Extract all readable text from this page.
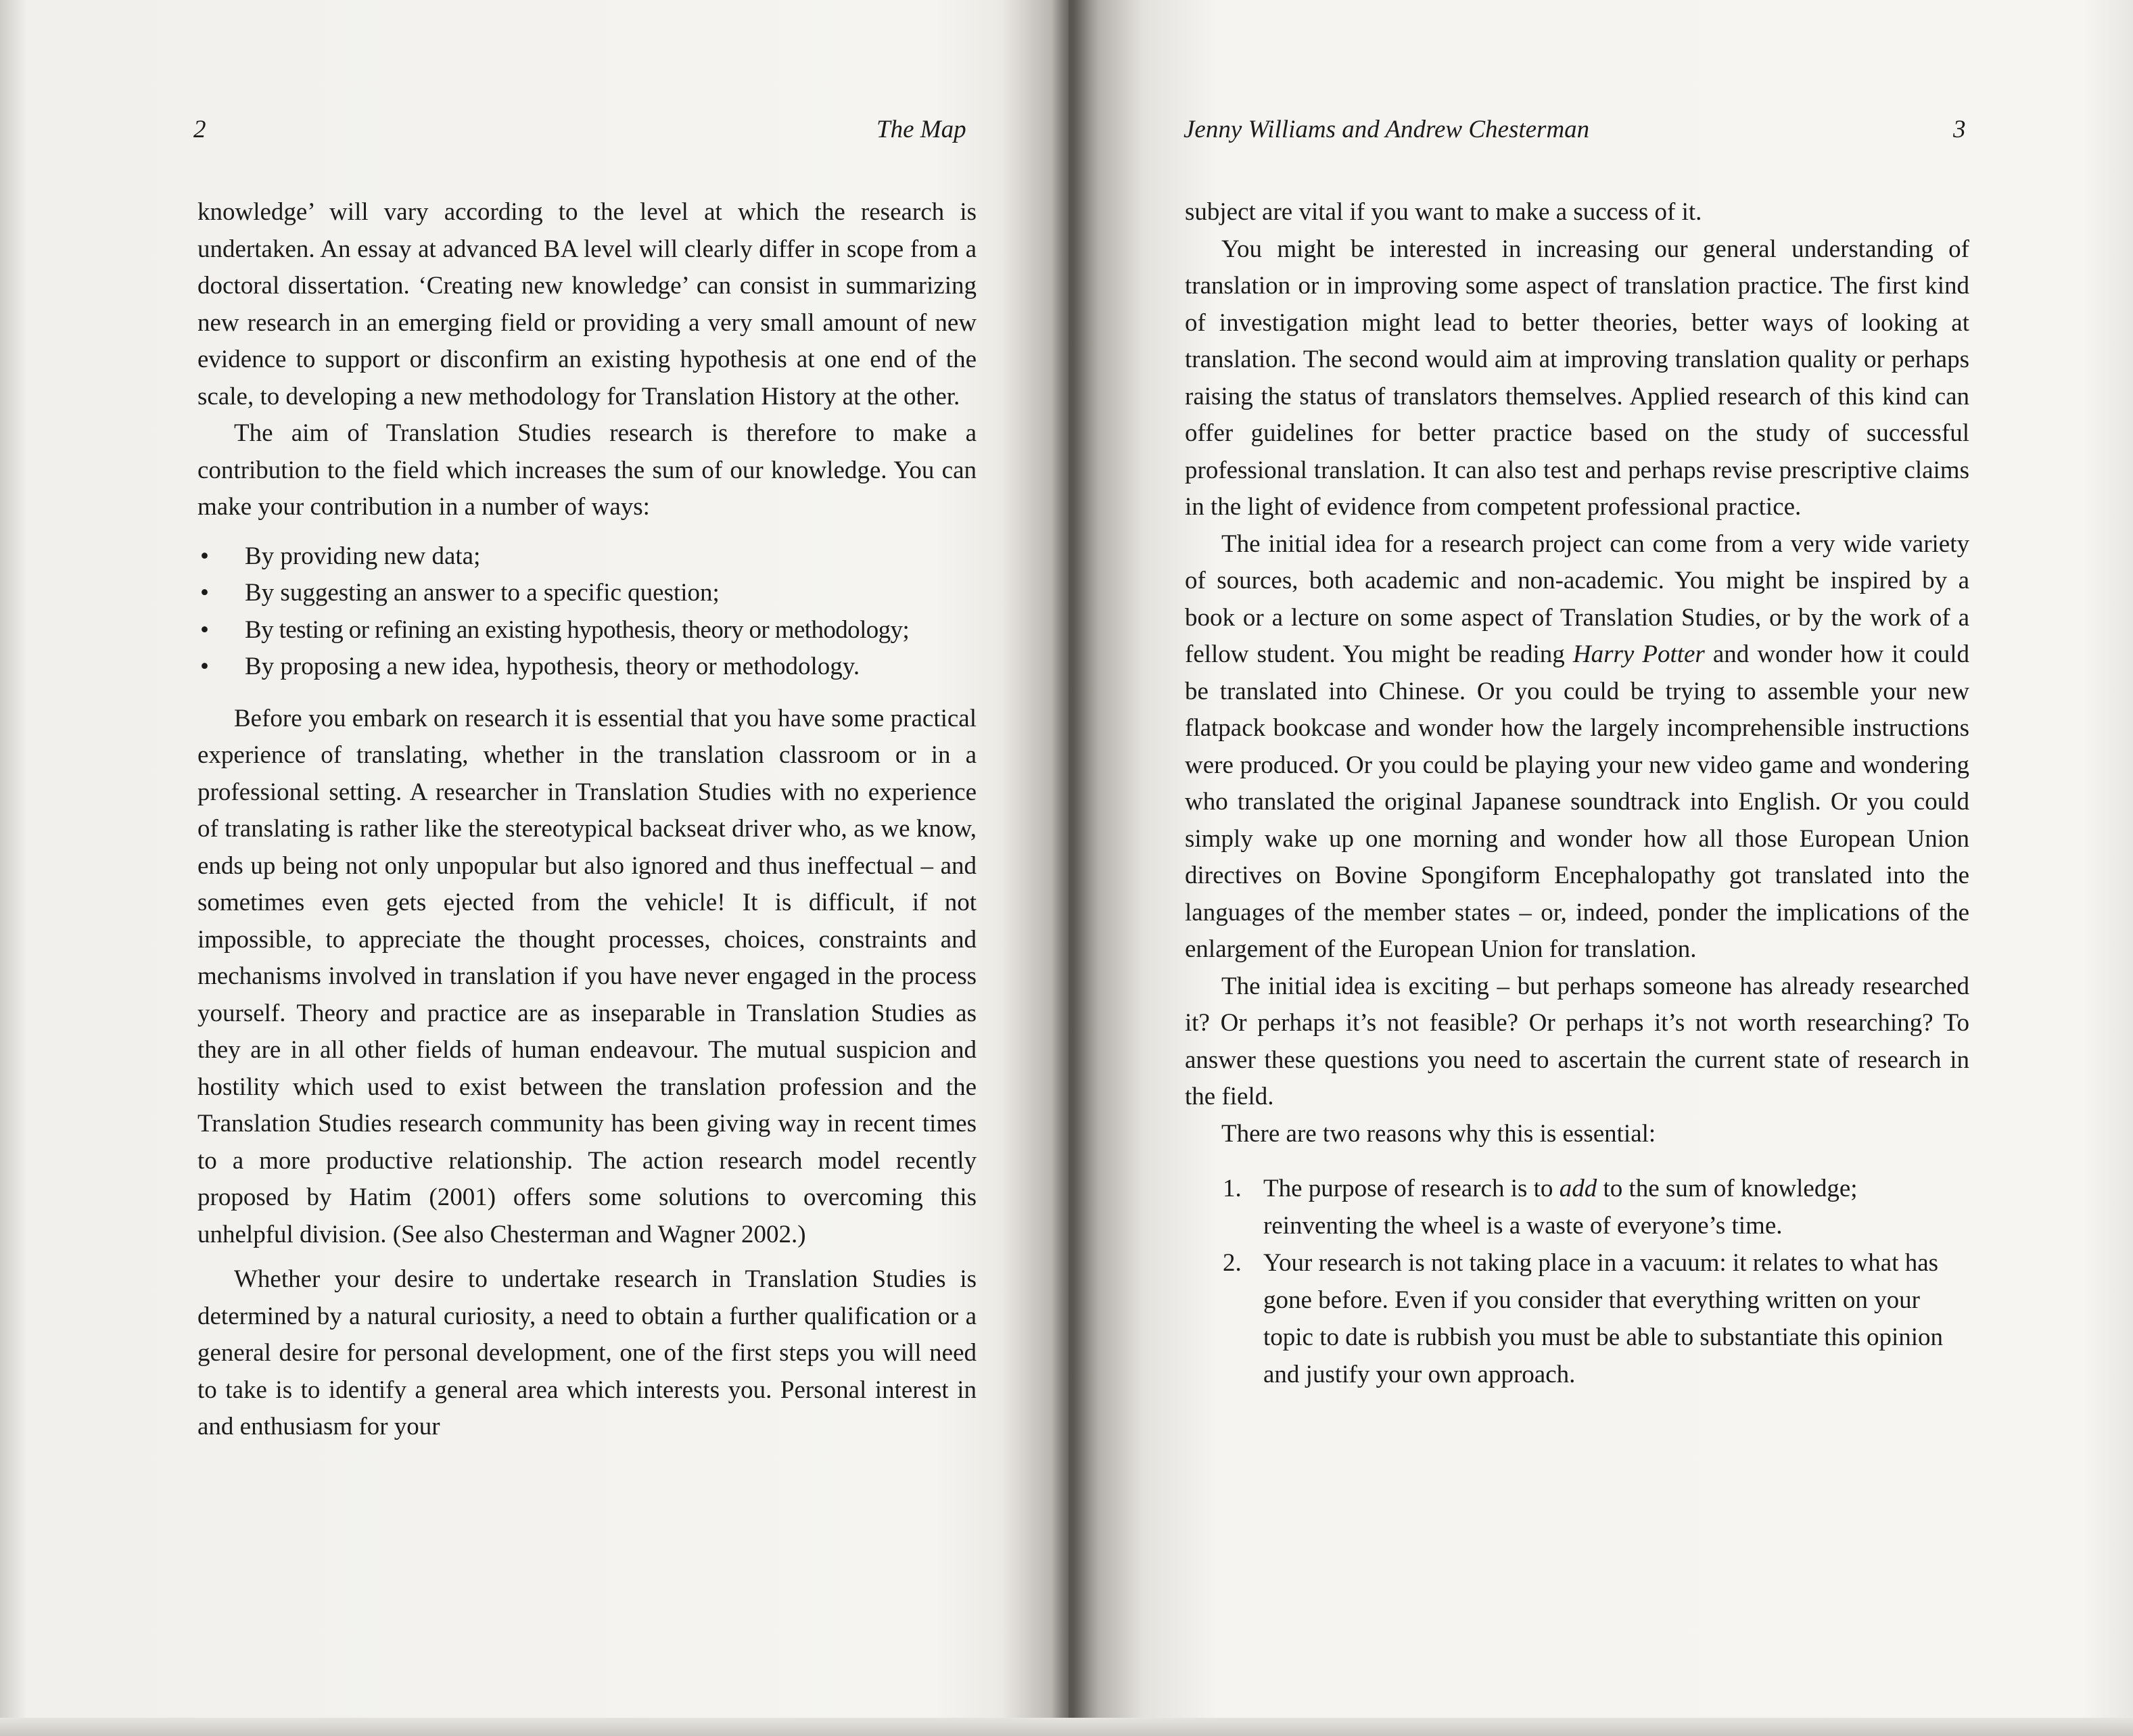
2	The Map

knowledge’ will vary according to the level at which the research is undertaken. An essay at advanced BA level will clearly differ in scope from a doctoral dissertation. ‘Creating new knowledge’ can consist in summarizing new research in an emerging field or providing a very small amount of new evidence to support or disconfirm an existing hypothesis at one end of the scale, to developing a new methodology for Translation History at the other.

The aim of Translation Studies research is therefore to make a contribution to the field which increases the sum of our knowledge. You can make your contribution in a number of ways:

• By providing new data;
• By suggesting an answer to a specific question;
• By testing or refining an existing hypothesis, theory or methodology;
• By proposing a new idea, hypothesis, theory or methodology.

Before you embark on research it is essential that you have some practical experience of translating, whether in the translation classroom or in a professional setting. A researcher in Translation Studies with no experience of translating is rather like the stereotypical backseat driver who, as we know, ends up being not only unpopular but also ignored and thus ineffectual – and sometimes even gets ejected from the vehicle! It is difficult, if not impossible, to appreciate the thought processes, choices, constraints and mechanisms involved in translation if you have never engaged in the process yourself. Theory and practice are as inseparable in Translation Studies as they are in all other fields of human endeavour. The mutual suspicion and hostility which used to exist between the translation profession and the Translation Studies research community has been giving way in recent times to a more productive relationship. The action research model recently proposed by Hatim (2001) offers some solutions to overcoming this unhelpful division. (See also Chesterman and Wagner 2002.)

Whether your desire to undertake research in Translation Studies is determined by a natural curiosity, a need to obtain a further qualification or a general desire for personal development, one of the first steps you will need to take is to identify a general area which interests you. Personal interest in and enthusiasm for your

Jenny Williams and Andrew Chesterman	3

subject are vital if you want to make a success of it.

You might be interested in increasing our general understanding of translation or in improving some aspect of translation practice. The first kind of investigation might lead to better theories, better ways of looking at translation. The second would aim at improving translation quality or perhaps raising the status of translators themselves. Applied research of this kind can offer guidelines for better practice based on the study of successful professional translation. It can also test and perhaps revise prescriptive claims in the light of evidence from competent professional practice.

The initial idea for a research project can come from a very wide variety of sources, both academic and non-academic. You might be inspired by a book or a lecture on some aspect of Translation Studies, or by the work of a fellow student. You might be reading Harry Potter and wonder how it could be translated into Chinese. Or you could be trying to assemble your new flatpack bookcase and wonder how the largely incomprehensible instructions were produced. Or you could be playing your new video game and wondering who translated the original Japanese soundtrack into English. Or you could simply wake up one morning and wonder how all those European Union directives on Bovine Spongiform Encephalopathy got translated into the languages of the member states – or, indeed, ponder the implications of the enlargement of the European Union for translation.

The initial idea is exciting – but perhaps someone has already researched it? Or perhaps it’s not feasible? Or perhaps it’s not worth researching? To answer these questions you need to ascertain the current state of research in the field.

There are two reasons why this is essential:

1. The purpose of research is to add to the sum of knowledge; reinventing the wheel is a waste of everyone’s time.
2. Your research is not taking place in a vacuum: it relates to what has gone before. Even if you consider that everything written on your topic to date is rubbish you must be able to substantiate this opinion and justify your own approach.
